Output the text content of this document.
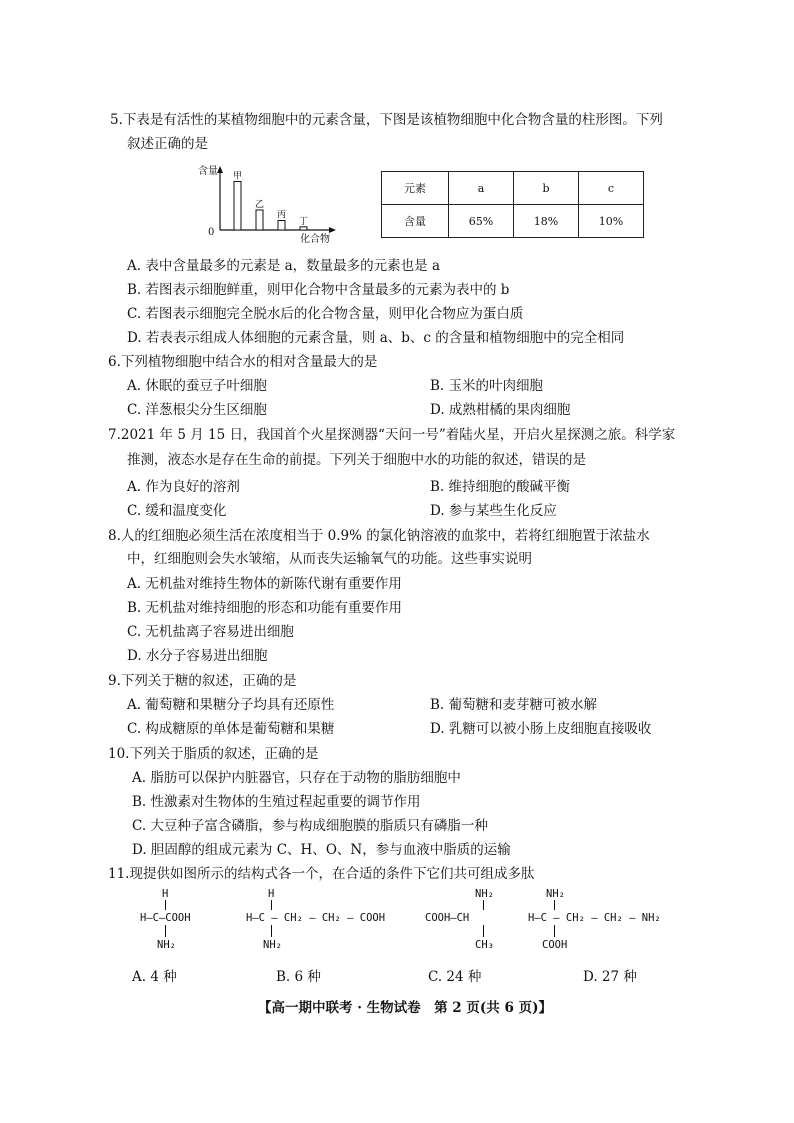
5.下表是有活性的某植物细胞中的元素含量，下图是该植物细胞中化合物含量的柱形图。下列
叙述正确的是
含量
0
化合物
甲
乙
丙
丁
元素	a	b	c
含量	65%	18%	10%
A. 表中含量最多的元素是 a，数量最多的元素也是 a
B. 若图表示细胞鲜重，则甲化合物中含量最多的元素为表中的 b
C. 若图表示细胞完全脱水后的化合物含量，则甲化合物应为蛋白质
D. 若表表示组成人体细胞的元素含量，则 a、b、c 的含量和植物细胞中的完全相同
6.下列植物细胞中结合水的相对含量最大的是
A. 休眠的蚕豆子叶细胞	B. 玉米的叶肉细胞
C. 洋葱根尖分生区细胞	D. 成熟柑橘的果肉细胞
7.2021 年 5 月 15 日，我国首个火星探测器“天问一号”着陆火星，开启火星探测之旅。科学家
推测，液态水是存在生命的前提。下列关于细胞中水的功能的叙述，错误的是
A. 作为良好的溶剂	B. 维持细胞的酸碱平衡
C. 缓和温度变化	D. 参与某些生化反应
8.人的红细胞必须生活在浓度相当于 0.9% 的氯化钠溶液的血浆中，若将红细胞置于浓盐水
中，红细胞则会失水皱缩，从而丧失运输氧气的功能。这些事实说明
A. 无机盐对维持生物体的新陈代谢有重要作用
B. 无机盐对维持细胞的形态和功能有重要作用
C. 无机盐离子容易进出细胞
D. 水分子容易进出细胞
9.下列关于糖的叙述，正确的是
A. 葡萄糖和果糖分子均具有还原性	B. 葡萄糖和麦芽糖可被水解
C. 构成糖原的单体是葡萄糖和果糖	D. 乳糖可以被小肠上皮细胞直接吸收
10.下列关于脂质的叙述，正确的是
A. 脂肪可以保护内脏器官，只存在于动物的脂肪细胞中
B. 性激素对生物体的生殖过程起重要的调节作用
C. 大豆种子富含磷脂，参与构成细胞膜的脂质只有磷脂一种
D. 胆固醇的组成元素为 C、H、O、N，参与血液中脂质的运输
11.现提供如图所示的结构式各一个，在合适的条件下它们共可组成多肽
H
H—C—COOH
NH₂
H
H—C — CH₂ — CH₂ — COOH
NH₂
NH₂
COOH—CH
CH₃
NH₂
H—C — CH₂ — CH₂ — NH₂
COOH
A. 4 种	B. 6 种	C. 24 种	D. 27 种
【高一期中联考 · 生物试卷　第 2 页(共 6 页)】
